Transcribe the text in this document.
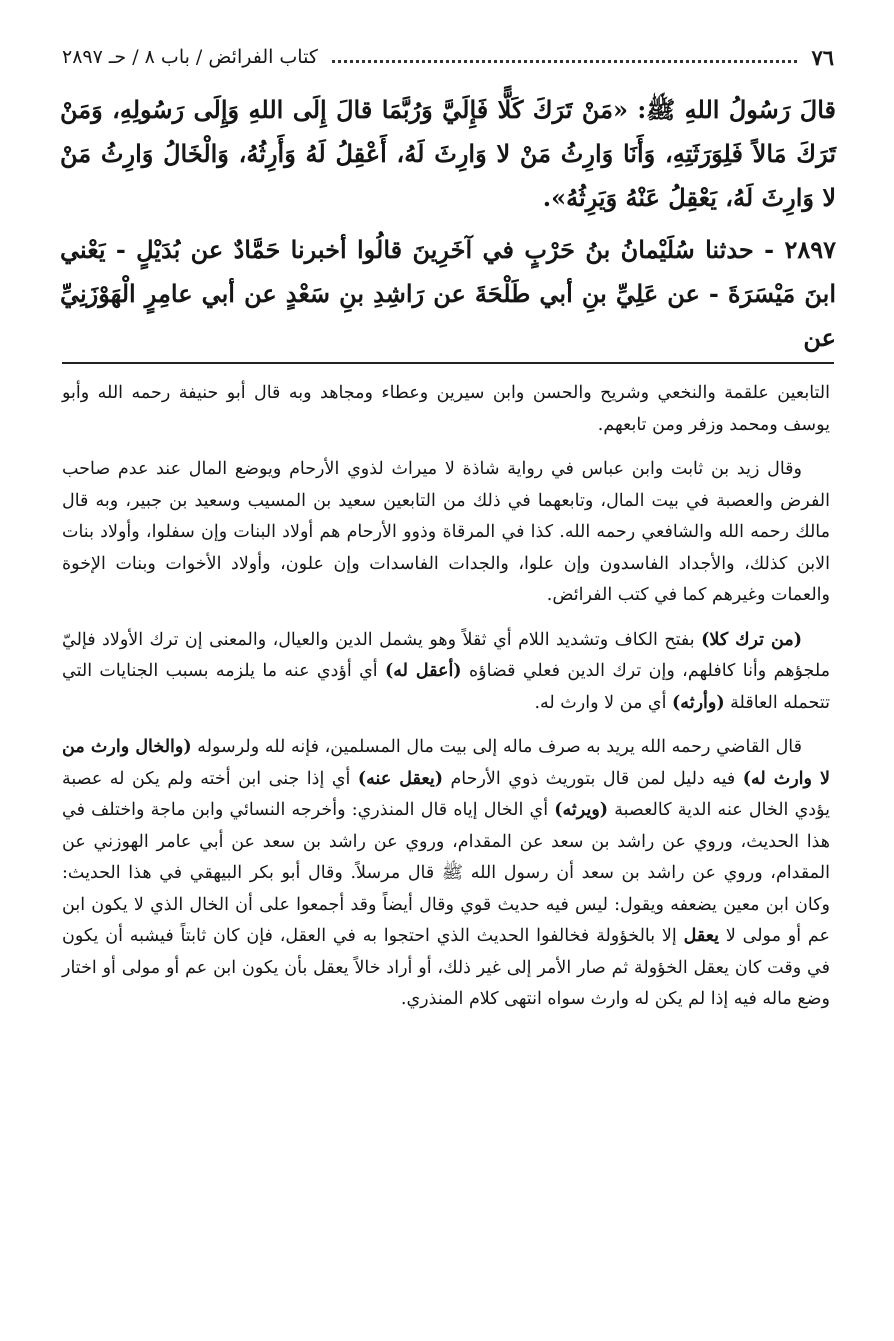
٧٦
كتاب الفرائض / باب ٨ / حـ ٢٨٩٧

قالَ رَسُولُ اللهِ ﷺ: «مَنْ تَرَكَ كَلًّا فَإِلَيَّ وَرُبَّمَا قالَ إِلَى اللهِ وَإِلَى رَسُولِهِ، وَمَنْ تَرَكَ مَالاً فَلِوَرَثَتِهِ، وَأَنَا وَارِثُ مَنْ لا وَارِثَ لَهُ، أَعْقِلُ لَهُ وَأَرِثُهُ، وَالْخَالُ وَارِثُ مَنْ لا وَارِثَ لَهُ، يَعْقِلُ عَنْهُ وَيَرِثُهُ».

٢٨٩٧ - حدثنا سُلَيْمانُ بنُ حَرْبٍ في آخَرِينَ قالُوا أخبرنا حَمَّادٌ عن بُدَيْلٍ - يَعْني ابنَ مَيْسَرَةَ - عن عَلِيِّ بنِ أبي طَلْحَةَ عن رَاشِدِ بنِ سَعْدٍ عن أبي عامِرٍ الْهَوْزَنِيِّ عن

التابعين علقمة والنخعي وشريح والحسن وابن سيرين وعطاء ومجاهد وبه قال أبو حنيفة رحمه الله وأبو يوسف ومحمد وزفر ومن تابعهم.

وقال زيد بن ثابت وابن عباس في رواية شاذة لا ميراث لذوي الأرحام ويوضع المال عند عدم صاحب الفرض والعصبة في بيت المال، وتابعهما في ذلك من التابعين سعيد بن المسيب وسعيد بن جبير، وبه قال مالك رحمه الله والشافعي رحمه الله. كذا في المرقاة وذوو الأرحام هم أولاد البنات وإن سفلوا، وأولاد بنات الابن كذلك، والأجداد الفاسدون وإن علوا، والجدات الفاسدات وإن علون، وأولاد الأخوات وبنات الإخوة والعمات وغيرهم كما في كتب الفرائض.

(من ترك كلا) بفتح الكاف وتشديد اللام أي ثقلاً وهو يشمل الدين والعيال، والمعنى إن ترك الأولاد فإليّ ملجؤهم وأنا كافلهم، وإن ترك الدين فعلي قضاؤه (أعقل له) أي أؤدي عنه ما يلزمه بسبب الجنايات التي تتحمله العاقلة (وأرثه) أي من لا وارث له.

قال القاضي رحمه الله يريد به صرف ماله إلى بيت مال المسلمين، فإنه لله ولرسوله (والخال وارث من لا وارث له) فيه دليل لمن قال بتوريث ذوي الأرحام (يعقل عنه) أي إذا جنى ابن أخته ولم يكن له عصبة يؤدي الخال عنه الدية كالعصبة (ويرثه) أي الخال إياه قال المنذري: وأخرجه النسائي وابن ماجة واختلف في هذا الحديث، وروي عن راشد بن سعد عن المقدام، وروي عن راشد بن سعد عن أبي عامر الهوزني عن المقدام، وروي عن راشد بن سعد أن رسول الله ﷺ قال مرسلاً. وقال أبو بكر البيهقي في هذا الحديث: وكان ابن معين يضعفه ويقول: ليس فيه حديث قوي وقال أيضاً وقد أجمعوا على أن الخال الذي لا يكون ابن عم أو مولى لا يعقل إلا بالخؤولة فخالفوا الحديث الذي احتجوا به في العقل، فإن كان ثابتاً فيشبه أن يكون في وقت كان يعقل الخؤولة ثم صار الأمر إلى غير ذلك، أو أراد خالاً يعقل بأن يكون ابن عم أو مولى أو اختار وضع ماله فيه إذا لم يكن له وارث سواه انتهى كلام المنذري.
